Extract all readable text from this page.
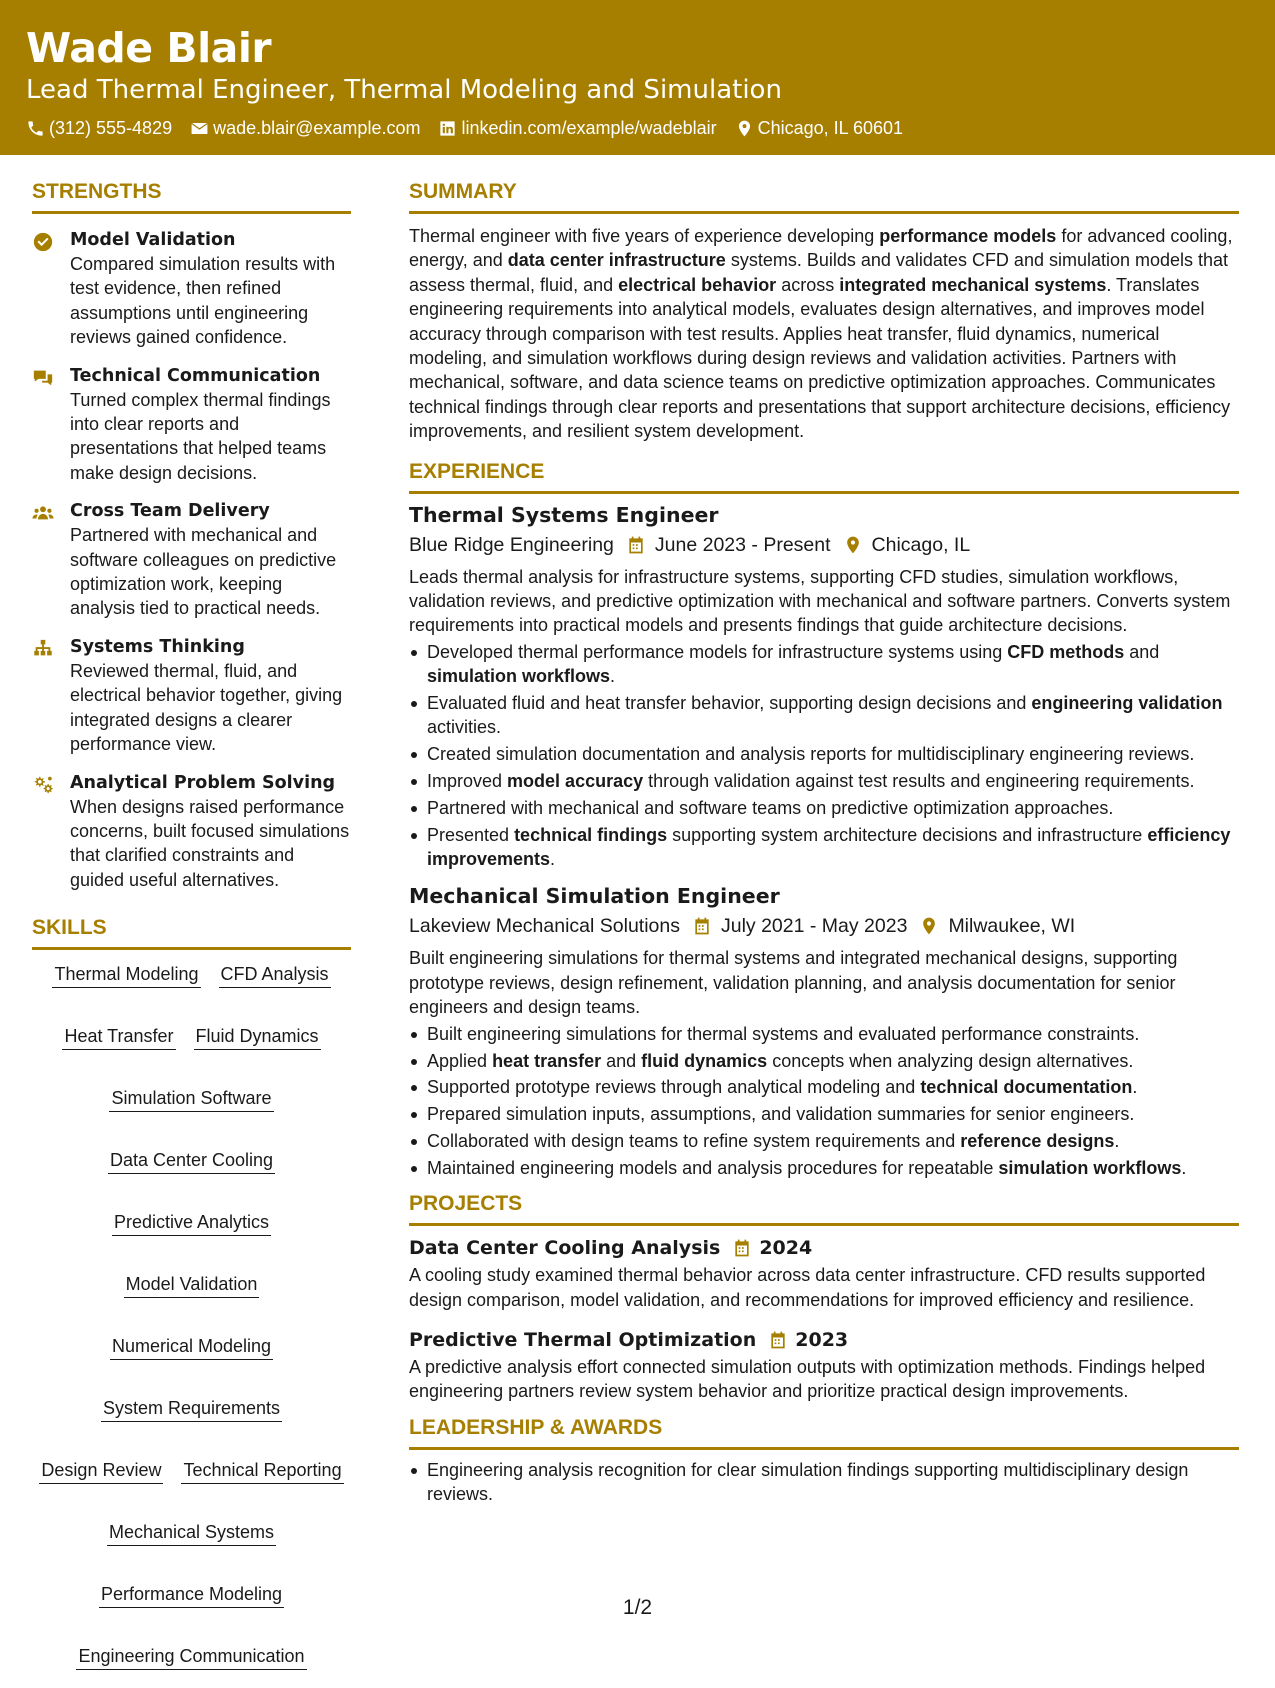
Wade Blair
Lead Thermal Engineer, Thermal Modeling and Simulation
(312) 555-4829 wade.blair@example.com linkedin.com/example/wadeblair Chicago, IL 60601
STRENGTHS
Model Validation
Compared simulation results with test evidence, then refined assumptions until engineering reviews gained confidence.
Technical Communication
Turned complex thermal findings into clear reports and presentations that helped teams make design decisions.
Cross Team Delivery
Partnered with mechanical and software colleagues on predictive optimization work, keeping analysis tied to practical needs.
Systems Thinking
Reviewed thermal, fluid, and electrical behavior together, giving integrated designs a clearer performance view.
Analytical Problem Solving
When designs raised performance concerns, built focused simulations that clarified constraints and guided useful alternatives.
SKILLS
Thermal Modeling CFD Analysis
Heat Transfer Fluid Dynamics
Simulation Software
Data Center Cooling
Predictive Analytics
Model Validation
Numerical Modeling
System Requirements
Design Review Technical Reporting
Mechanical Systems
Performance Modeling
Engineering Communication
SUMMARY
Thermal engineer with five years of experience developing performance models for advanced cooling, energy, and data center infrastructure systems. Builds and validates CFD and simulation models that assess thermal, fluid, and electrical behavior across integrated mechanical systems. Translates engineering requirements into analytical models, evaluates design alternatives, and improves model accuracy through comparison with test results. Applies heat transfer, fluid dynamics, numerical modeling, and simulation workflows during design reviews and validation activities. Partners with mechanical, software, and data science teams on predictive optimization approaches. Communicates technical findings through clear reports and presentations that support architecture decisions, efficiency improvements, and resilient system development.
EXPERIENCE
Thermal Systems Engineer
Blue Ridge Engineering June 2023 - Present Chicago, IL
Leads thermal analysis for infrastructure systems, supporting CFD studies, simulation workflows, validation reviews, and predictive optimization with mechanical and software partners. Converts system requirements into practical models and presents findings that guide architecture decisions.
Developed thermal performance models for infrastructure systems using CFD methods and simulation workflows.
Evaluated fluid and heat transfer behavior, supporting design decisions and engineering validation activities.
Created simulation documentation and analysis reports for multidisciplinary engineering reviews.
Improved model accuracy through validation against test results and engineering requirements.
Partnered with mechanical and software teams on predictive optimization approaches.
Presented technical findings supporting system architecture decisions and infrastructure efficiency improvements.
Mechanical Simulation Engineer
Lakeview Mechanical Solutions July 2021 - May 2023 Milwaukee, WI
Built engineering simulations for thermal systems and integrated mechanical designs, supporting prototype reviews, design refinement, validation planning, and analysis documentation for senior engineers and design teams.
Built engineering simulations for thermal systems and evaluated performance constraints.
Applied heat transfer and fluid dynamics concepts when analyzing design alternatives.
Supported prototype reviews through analytical modeling and technical documentation.
Prepared simulation inputs, assumptions, and validation summaries for senior engineers.
Collaborated with design teams to refine system requirements and reference designs.
Maintained engineering models and analysis procedures for repeatable simulation workflows.
PROJECTS
Data Center Cooling Analysis 2024
A cooling study examined thermal behavior across data center infrastructure. CFD results supported design comparison, model validation, and recommendations for improved efficiency and resilience.
Predictive Thermal Optimization 2023
A predictive analysis effort connected simulation outputs with optimization methods. Findings helped engineering partners review system behavior and prioritize practical design improvements.
LEADERSHIP & AWARDS
Engineering analysis recognition for clear simulation findings supporting multidisciplinary design reviews.
1/2
